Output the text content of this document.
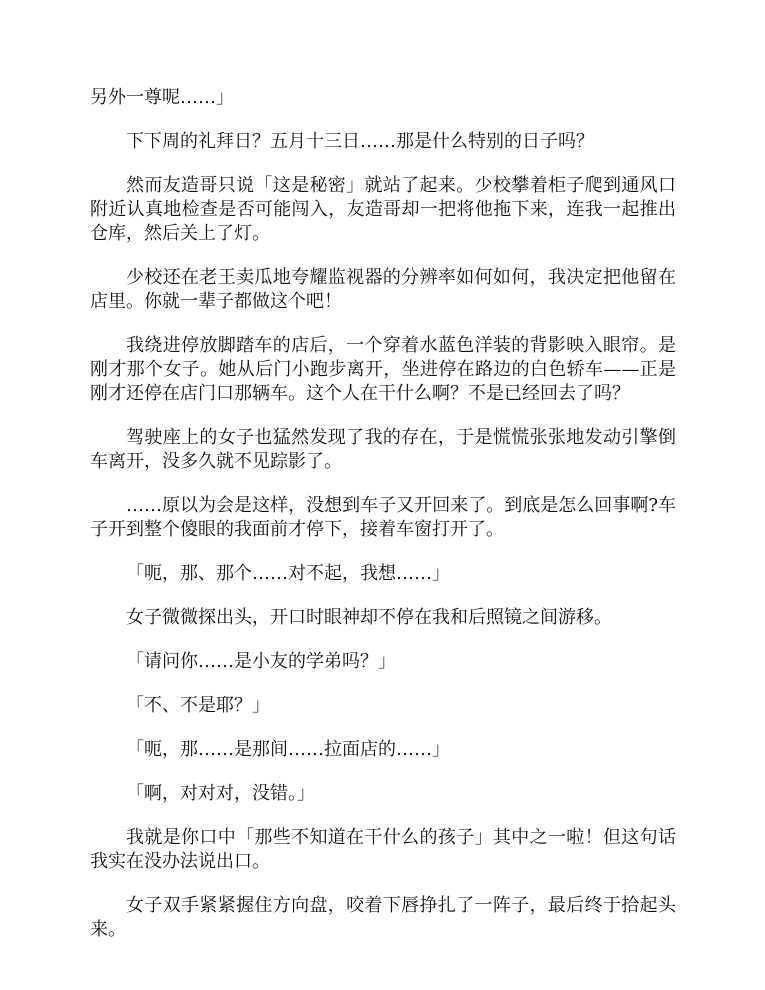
另外一尊呢……」

下下周的礼拜日？五月十三日……那是什么特别的日子吗？

然而友造哥只说「这是秘密」就站了起来。少校攀着柜子爬到通风口附近认真地检查是否可能闯入，友造哥却一把将他拖下来，连我一起推出仓库，然后关上了灯。

少校还在老王卖瓜地夸耀监视器的分辨率如何如何，我决定把他留在店里。你就一辈子都做这个吧！

我绕进停放脚踏车的店后，一个穿着水蓝色洋装的背影映入眼帘。是刚才那个女子。她从后门小跑步离开，坐进停在路边的白色轿车——正是刚才还停在店门口那辆车。这个人在干什么啊？不是已经回去了吗？

驾驶座上的女子也猛然发现了我的存在，于是慌慌张张地发动引擎倒车离开，没多久就不见踪影了。

……原以为会是这样，没想到车子又开回来了。到底是怎么回事啊?车子开到整个傻眼的我面前才停下，接着车窗打开了。

「呃，那、那个……对不起，我想……」

女子微微探出头，开口时眼神却不停在我和后照镜之间游移。

「请问你……是小友的学弟吗？」

「不、不是耶？」

「呃，那……是那间……拉面店的……」

「啊，对对对，没错。」

我就是你口中「那些不知道在干什么的孩子」其中之一啦！但这句话我实在没办法说出口。

女子双手紧紧握住方向盘，咬着下唇挣扎了一阵子，最后终于拾起头来。
